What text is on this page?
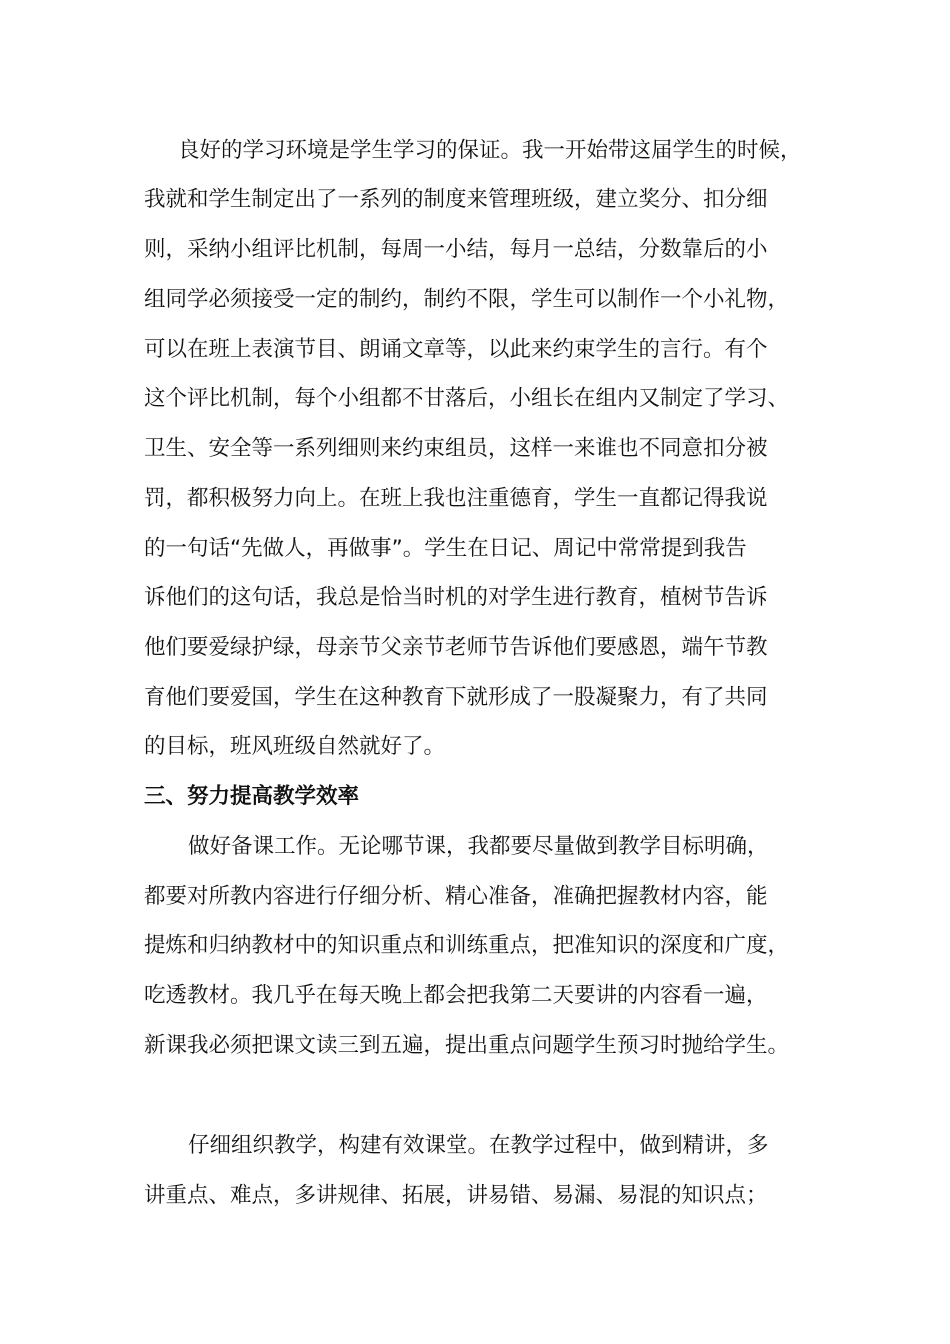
良好的学习环境是学生学习的保证。我一开始带这届学生的时候，
我就和学生制定出了一系列的制度来管理班级，建立奖分、扣分细
则，采纳小组评比机制，每周一小结，每月一总结，分数靠后的小
组同学必须接受一定的制约，制约不限，学生可以制作一个小礼物，
可以在班上表演节目、朗诵文章等，以此来约束学生的言行。有个
这个评比机制，每个小组都不甘落后，小组长在组内又制定了学习、
卫生、安全等一系列细则来约束组员，这样一来谁也不同意扣分被
罚，都积极努力向上。在班上我也注重德育，学生一直都记得我说
的一句话“先做人，再做事”。学生在日记、周记中常常提到我告
诉他们的这句话，我总是恰当时机的对学生进行教育，植树节告诉
他们要爱绿护绿，母亲节父亲节老师节告诉他们要感恩，端午节教
育他们要爱国，学生在这种教育下就形成了一股凝聚力，有了共同
的目标，班风班级自然就好了。
三、努力提高教学效率
做好备课工作。无论哪节课，我都要尽量做到教学目标明确，
都要对所教内容进行仔细分析、精心准备，准确把握教材内容，能
提炼和归纳教材中的知识重点和训练重点，把准知识的深度和广度，
吃透教材。我几乎在每天晚上都会把我第二天要讲的内容看一遍，
新课我必须把课文读三到五遍，提出重点问题学生预习时抛给学生。
仔细组织教学，构建有效课堂。在教学过程中，做到精讲，多
讲重点、难点，多讲规律、拓展，讲易错、易漏、易混的知识点；
